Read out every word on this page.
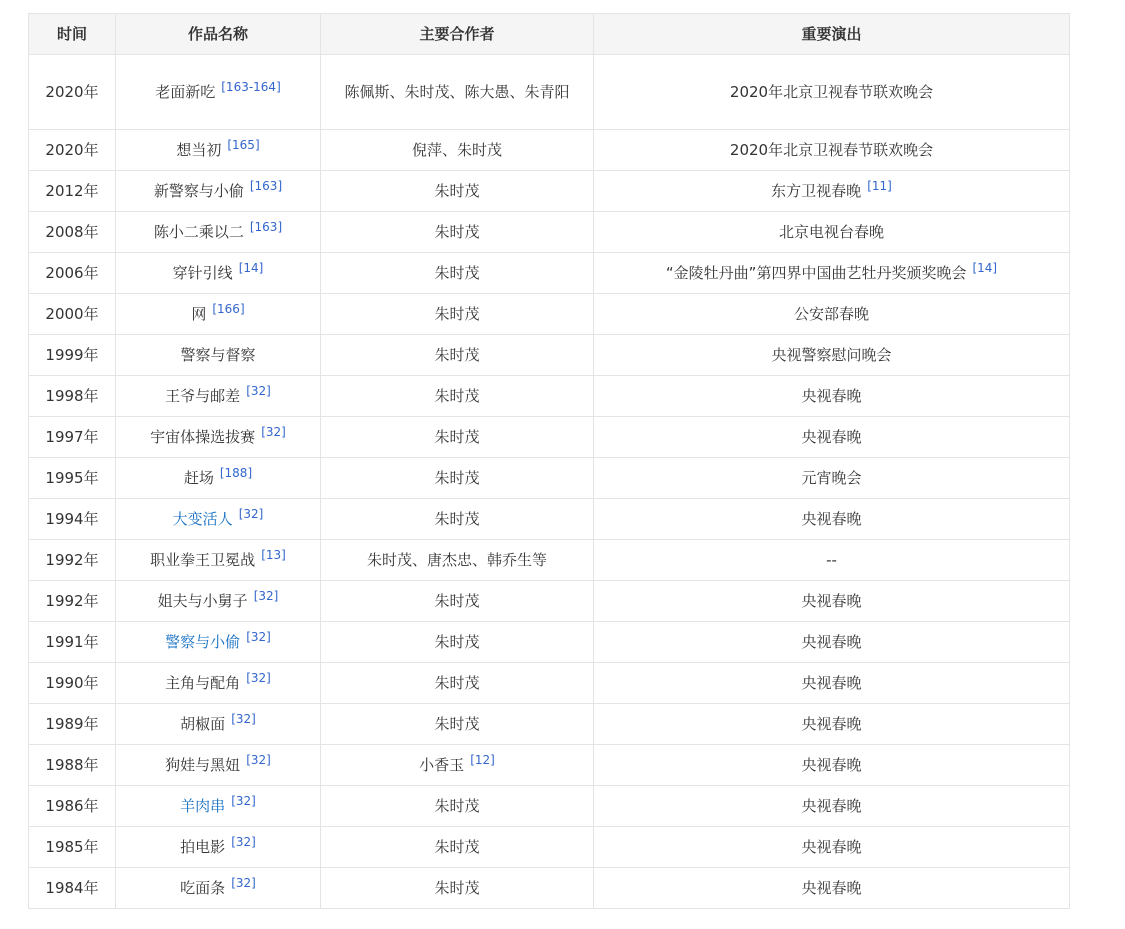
时间	作品名称	主要合作者	重要演出
2020年	老面新吃 [163-164]	陈佩斯、朱时茂、陈大愚、朱青阳	2020年北京卫视春节联欢晚会
2020年	想当初 [165]	倪萍、朱时茂	2020年北京卫视春节联欢晚会
2012年	新警察与小偷 [163]	朱时茂	东方卫视春晚 [11]
2008年	陈小二乘以二 [163]	朱时茂	北京电视台春晚
2006年	穿针引线 [14]	朱时茂	“金陵牡丹曲”第四界中国曲艺牡丹奖颁奖晚会 [14]
2000年	网 [166]	朱时茂	公安部春晚
1999年	警察与督察	朱时茂	央视警察慰问晚会
1998年	王爷与邮差 [32]	朱时茂	央视春晚
1997年	宇宙体操选拔赛 [32]	朱时茂	央视春晚
1995年	赶场 [188]	朱时茂	元宵晚会
1994年	大变活人 [32]	朱时茂	央视春晚
1992年	职业拳王卫冕战 [13]	朱时茂、唐杰忠、韩乔生等	--
1992年	姐夫与小舅子 [32]	朱时茂	央视春晚
1991年	警察与小偷 [32]	朱时茂	央视春晚
1990年	主角与配角 [32]	朱时茂	央视春晚
1989年	胡椒面 [32]	朱时茂	央视春晚
1988年	狗娃与黑妞 [32]	小香玉 [12]	央视春晚
1986年	羊肉串 [32]	朱时茂	央视春晚
1985年	拍电影 [32]	朱时茂	央视春晚
1984年	吃面条 [32]	朱时茂	央视春晚
